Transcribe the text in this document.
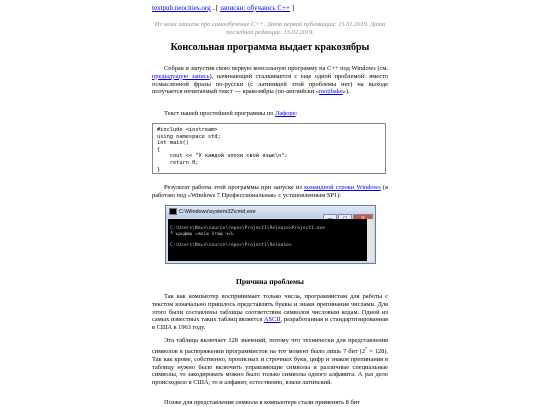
textpub.neocities.org . [ записки: обучаюсь C++ ]
Из моих записок про самообучение C++. Дата первой публикации: 15.01.2019. Дата последней редакции: 13.02.2019.
Консольная программа выдает кракозябры
Собрав и запустив свою первую консольную программу на C++ под Windows (см. предыдущую запись), начинающий сталкивается с еще одной проблемой: вместо осмысленной фразы по-русски (с латиницей этой проблемы нет) на выходе получается нечитаемый текст — кракозябры (по-английски «mojibake»).
Текст нашей простейшей программы по Лафоре:
#include <iostream>
using namespace std;
int main()
{
cout << "У каждой эпохи свой язык\n";
return 0;
}
Результат работы этой программы при запуске из командной строки Windows (я работаю под «Windows 7 Профессиональная» с установленным SP1):
C:\Windows\system32\cmd.exe

C:\Users\Илья\source\repos\Project1\Release>Project1.exe
╙ ърцфющ ¤яюїш ётющ ч√ъ

C:\Users\Илья\source\repos\Project1\Release>
Причина проблемы
Так как компьютер воспринимает только числа, программистам для работы с текстом изначально пришлось представлять буквы и знаки препинания числами. Для этого были составлены таблицы соответствия символов числовым кодам. Одной из самых известных таких таблиц является ASCII, разработанная и стандартизированная в США в 1963 году.
Эта таблица включает 128 значений, потому что технически для представления символов в распоряжении программистов на тот момент было лишь 7 бит $(2^7 = 128)$. Так как кроме, собственно, прописных и строчных букв, цифр и знаков препинания в таблицу нужно было включить управляющие символы и различные специальные символы, то закодировать можно было только символы одного алфавита. А раз дело происходило в США, то и алфавит, естественно, взяли латинский.
Позже для представления символа в компьютере стали применять 8 бит
